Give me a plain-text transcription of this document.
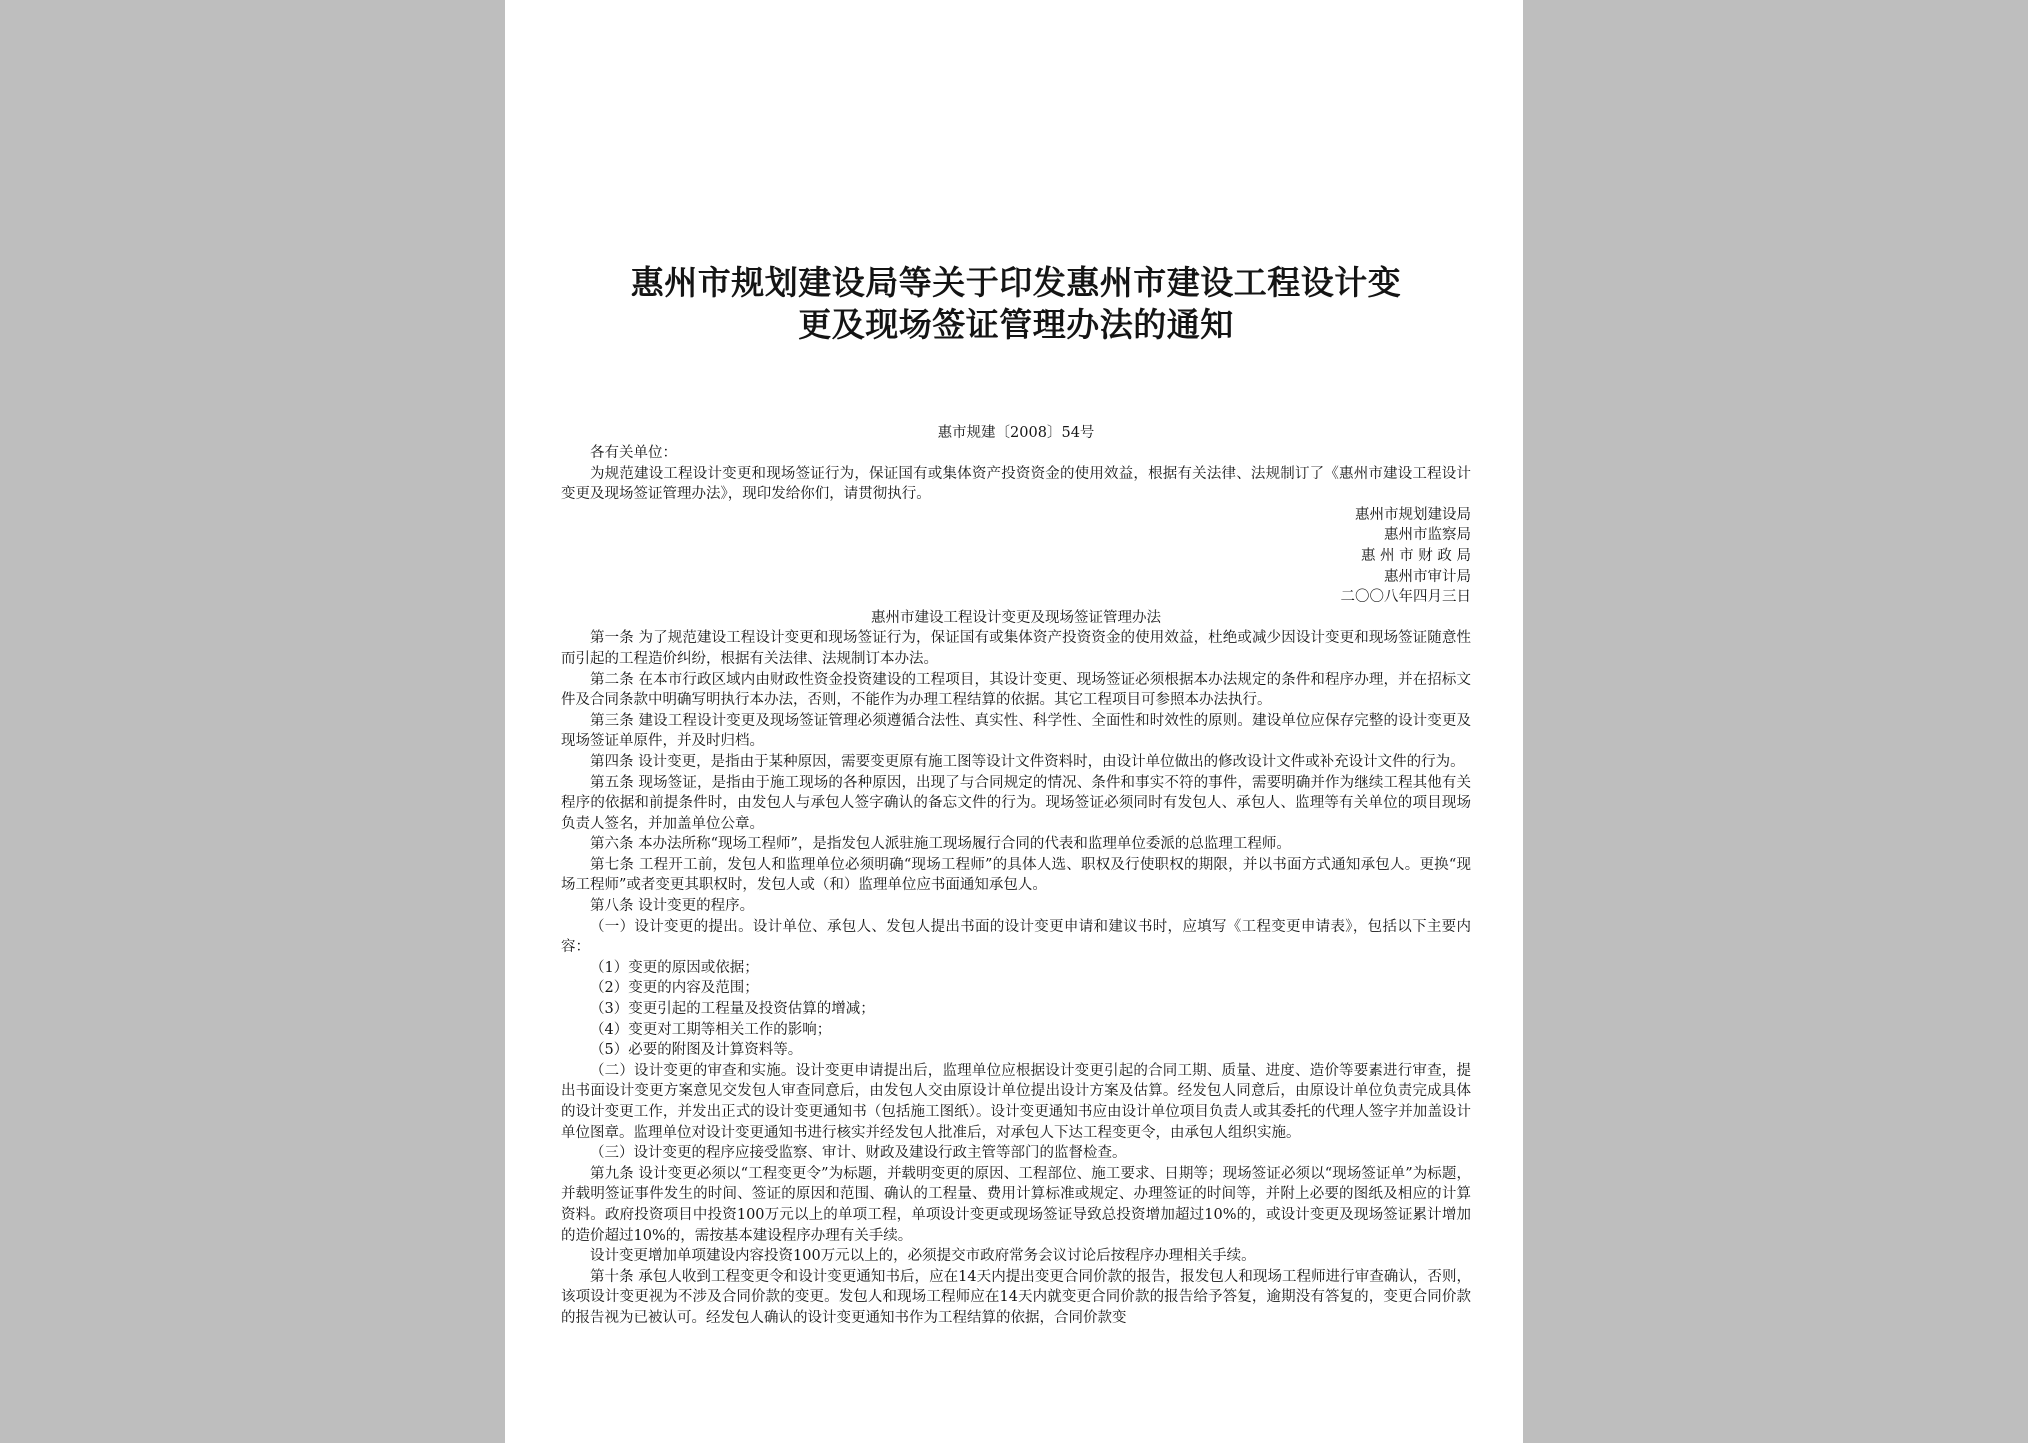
惠州市规划建设局等关于印发惠州市建设工程设计变
更及现场签证管理办法的通知
惠市规建〔2008〕54号

各有关单位：

为规范建设工程设计变更和现场签证行为，保证国有或集体资产投资资金的使用效益，根据有关法律、法规制订了《惠州市建设工程设计变更及现场签证管理办法》，现印发给你们，请贯彻执行。

惠州市规划建设局

惠州市监察局

惠 州 市 财 政 局

惠州市审计局

二〇〇八年四月三日

惠州市建设工程设计变更及现场签证管理办法

第一条 为了规范建设工程设计变更和现场签证行为，保证国有或集体资产投资资金的使用效益，杜绝或减少因设计变更和现场签证随意性而引起的工程造价纠纷，根据有关法律、法规制订本办法。

第二条 在本市行政区域内由财政性资金投资建设的工程项目，其设计变更、现场签证必须根据本办法规定的条件和程序办理，并在招标文件及合同条款中明确写明执行本办法，否则，不能作为办理工程结算的依据。其它工程项目可参照本办法执行。

第三条 建设工程设计变更及现场签证管理必须遵循合法性、真实性、科学性、全面性和时效性的原则。建设单位应保存完整的设计变更及现场签证单原件，并及时归档。

第四条 设计变更，是指由于某种原因，需要变更原有施工图等设计文件资料时，由设计单位做出的修改设计文件或补充设计文件的行为。

第五条 现场签证，是指由于施工现场的各种原因，出现了与合同规定的情况、条件和事实不符的事件，需要明确并作为继续工程其他有关程序的依据和前提条件时，由发包人与承包人签字确认的备忘文件的行为。现场签证必须同时有发包人、承包人、监理等有关单位的项目现场负责人签名，并加盖单位公章。

第六条 本办法所称“现场工程师”，是指发包人派驻施工现场履行合同的代表和监理单位委派的总监理工程师。

第七条 工程开工前，发包人和监理单位必须明确“现场工程师”的具体人选、职权及行使职权的期限，并以书面方式通知承包人。更换“现场工程师”或者变更其职权时，发包人或（和）监理单位应书面通知承包人。

第八条 设计变更的程序。

（一）设计变更的提出。设计单位、承包人、发包人提出书面的设计变更申请和建议书时，应填写《工程变更申请表》，包括以下主要内容：

（1）变更的原因或依据；

（2）变更的内容及范围；

（3）变更引起的工程量及投资估算的增减；

（4）变更对工期等相关工作的影响；

（5）必要的附图及计算资料等。

（二）设计变更的审查和实施。设计变更申请提出后，监理单位应根据设计变更引起的合同工期、质量、进度、造价等要素进行审查，提出书面设计变更方案意见交发包人审查同意后，由发包人交由原设计单位提出设计方案及估算。经发包人同意后，由原设计单位负责完成具体的设计变更工作，并发出正式的设计变更通知书（包括施工图纸）。设计变更通知书应由设计单位项目负责人或其委托的代理人签字并加盖设计单位图章。监理单位对设计变更通知书进行核实并经发包人批准后，对承包人下达工程变更令，由承包人组织实施。

（三）设计变更的程序应接受监察、审计、财政及建设行政主管等部门的监督检查。

第九条 设计变更必须以“工程变更令”为标题，并载明变更的原因、工程部位、施工要求、日期等；现场签证必须以“现场签证单”为标题，并载明签证事件发生的时间、签证的原因和范围、确认的工程量、费用计算标准或规定、办理签证的时间等，并附上必要的图纸及相应的计算资料。政府投资项目中投资100万元以上的单项工程，单项设计变更或现场签证导致总投资增加超过10%的，或设计变更及现场签证累计增加的造价超过10%的，需按基本建设程序办理有关手续。

设计变更增加单项建设内容投资100万元以上的，必须提交市政府常务会议讨论后按程序办理相关手续。

第十条 承包人收到工程变更令和设计变更通知书后，应在14天内提出变更合同价款的报告，报发包人和现场工程师进行审查确认，否则，该项设计变更视为不涉及合同价款的变更。发包人和现场工程师应在14天内就变更合同价款的报告给予答复，逾期没有答复的，变更合同价款的报告视为已被认可。经发包人确认的设计变更通知书作为工程结算的依据，合同价款变
